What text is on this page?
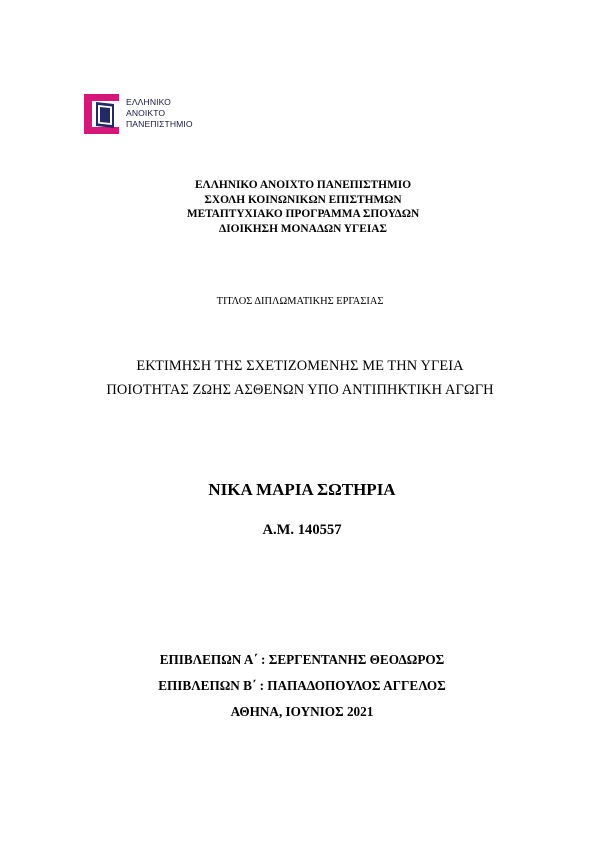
ΕΛΛΗΝΙΚΟ
ΑΝΟΙΚΤΟ
ΠΑΝΕΠΙΣΤΗΜΙΟ
ΕΛΛΗΝΙΚΟ ΑΝΟΙΧΤΟ ΠΑΝΕΠΙΣΤΗΜΙΟ
ΣΧΟΛΗ ΚΟΙΝΩΝΙΚΩΝ ΕΠΙΣΤΗΜΩΝ
ΜΕΤΑΠΤΥΧΙΑΚΟ ΠΡΟΓΡΑΜΜΑ ΣΠΟΥΔΩΝ
ΔΙΟΙΚΗΣΗ ΜΟΝΑΔΩΝ ΥΓΕΙΑΣ
ΤΙΤΛΟΣ ΔΙΠΛΩΜΑΤΙΚΗΣ ΕΡΓΑΣΙΑΣ
ΕΚΤΙΜΗΣΗ ΤΗΣ ΣΧΕΤΙΖΟΜΕΝΗΣ ΜΕ ΤΗΝ ΥΓΕΙΑ
ΠΟΙΟΤΗΤΑΣ ΖΩΗΣ ΑΣΘΕΝΩΝ ΥΠΟ ΑΝΤΙΠΗΚΤΙΚΗ ΑΓΩΓΗ
ΝΙΚΑ ΜΑΡΙΑ ΣΩΤΗΡΙΑ
Α.Μ. 140557
ΕΠΙΒΛΕΠΩΝ Α΄ : ΣΕΡΓΕΝΤΑΝΗΣ ΘΕΟΔΩΡΟΣ
ΕΠΙΒΛΕΠΩΝ Β΄ : ΠΑΠΑΔΟΠΟΥΛΟΣ ΑΓΓΕΛΟΣ
ΑΘΗΝΑ, ΙΟΥΝΙΟΣ 2021
